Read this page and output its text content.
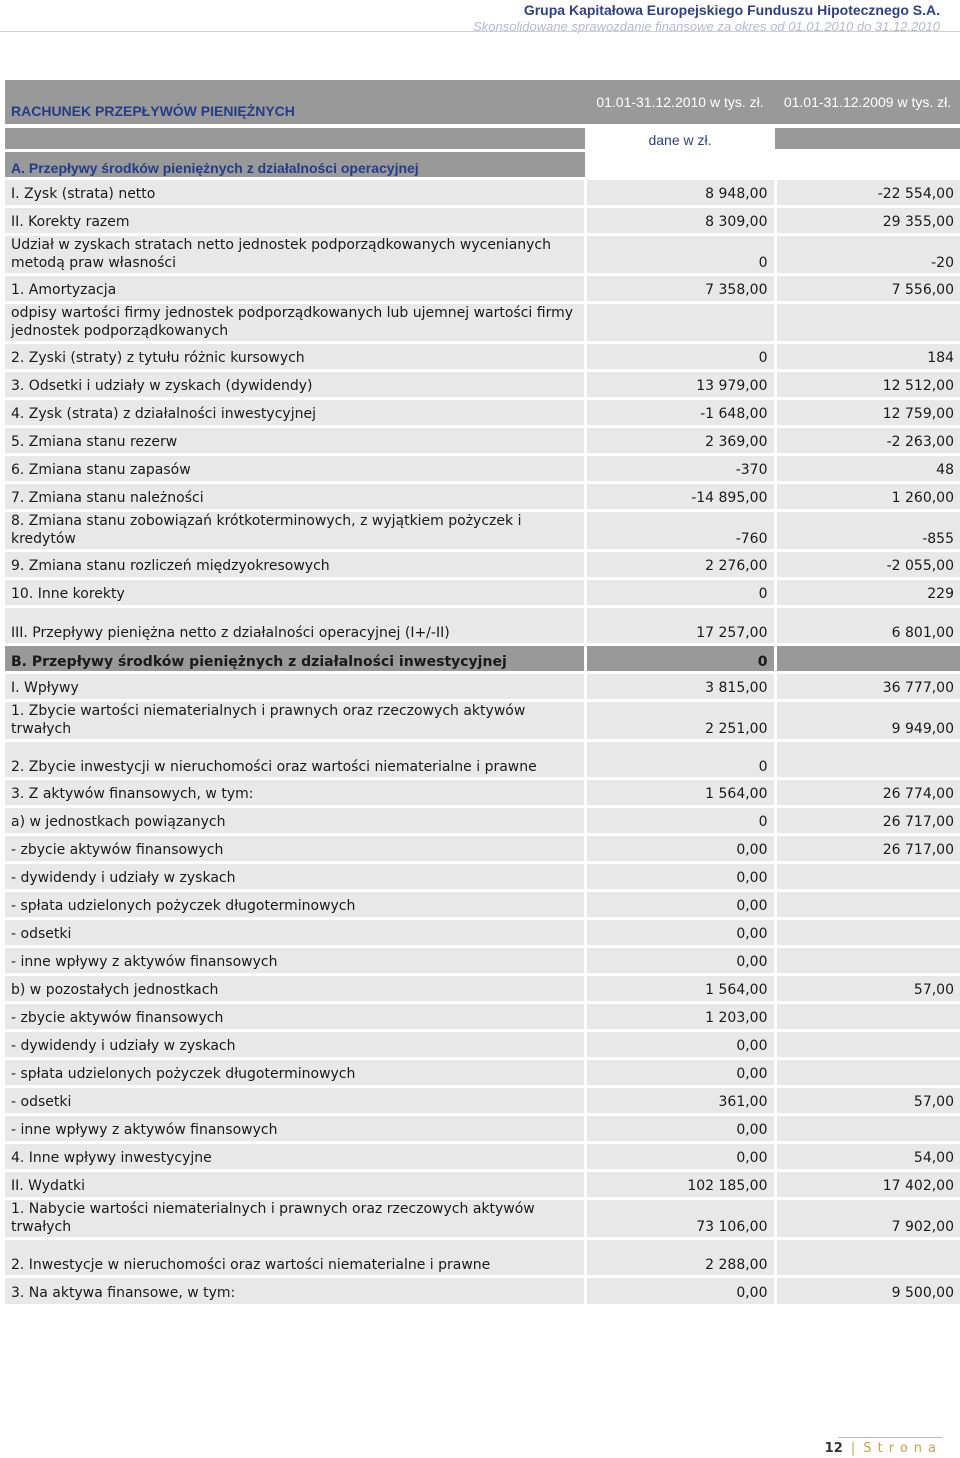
Grupa Kapitałowa Europejskiego Funduszu Hipotecznego S.A.
Skonsolidowane sprawozdanie finansowe za okres od 01.01.2010 do 31.12.2010
RACHUNEK PRZEPŁYWÓW PIENIĘŻNYCH	01.01-31.12.2010 w tys. zł.	01.01-31.12.2009 w tys. zł.
	dane w zł.	
A. Przepływy środków pieniężnych z działalności operacyjnej		
I. Zysk (strata) netto	8 948,00	-22 554,00
II. Korekty razem	8 309,00	29 355,00
Udział w zyskach stratach netto jednostek podporządkowanych wycenianych metodą praw własności	0	-20
1. Amortyzacja	7 358,00	7 556,00
odpisy wartości firmy jednostek podporządkowanych lub ujemnej wartości firmy jednostek podporządkowanych		
2. Zyski (straty) z tytułu różnic kursowych	0	184
3. Odsetki i udziały w zyskach (dywidendy)	13 979,00	12 512,00
4. Zysk (strata) z działalności inwestycyjnej	-1 648,00	12 759,00
5. Zmiana stanu rezerw	2 369,00	-2 263,00
6. Zmiana stanu zapasów	-370	48
7. Zmiana stanu należności	-14 895,00	1 260,00
8. Zmiana stanu zobowiązań krótkoterminowych, z wyjątkiem pożyczek i kredytów	-760	-855
9. Zmiana stanu rozliczeń międzyokresowych	2 276,00	-2 055,00
10. Inne korekty	0	229
III. Przepływy pieniężna netto z działalności operacyjnej (I+/-II)	17 257,00	6 801,00
B. Przepływy środków pieniężnych z działalności inwestycyjnej	0	
I. Wpływy	3 815,00	36 777,00
1. Zbycie wartości niematerialnych i prawnych oraz rzeczowych aktywów trwałych	2 251,00	9 949,00
2. Zbycie inwestycji w nieruchomości oraz wartości niematerialne i prawne	0	
3. Z aktywów finansowych, w tym:	1 564,00	26 774,00
a) w jednostkach powiązanych	0	26 717,00
- zbycie aktywów finansowych	0,00	26 717,00
- dywidendy i udziały w zyskach	0,00	
- spłata udzielonych pożyczek długoterminowych	0,00	
- odsetki	0,00	
- inne wpływy z aktywów finansowych	0,00	
b) w pozostałych jednostkach	1 564,00	57,00
- zbycie aktywów finansowych	1 203,00	
- dywidendy i udziały w zyskach	0,00	
- spłata udzielonych pożyczek długoterminowych	0,00	
- odsetki	361,00	57,00
- inne wpływy z aktywów finansowych	0,00	
4. Inne wpływy inwestycyjne	0,00	54,00
II. Wydatki	102 185,00	17 402,00
1. Nabycie wartości niematerialnych i prawnych oraz rzeczowych aktywów trwałych	73 106,00	7 902,00
2. Inwestycje w nieruchomości oraz wartości niematerialne i prawne	2 288,00	
3. Na aktywa finansowe, w tym:	0,00	9 500,00
12 | Strona
